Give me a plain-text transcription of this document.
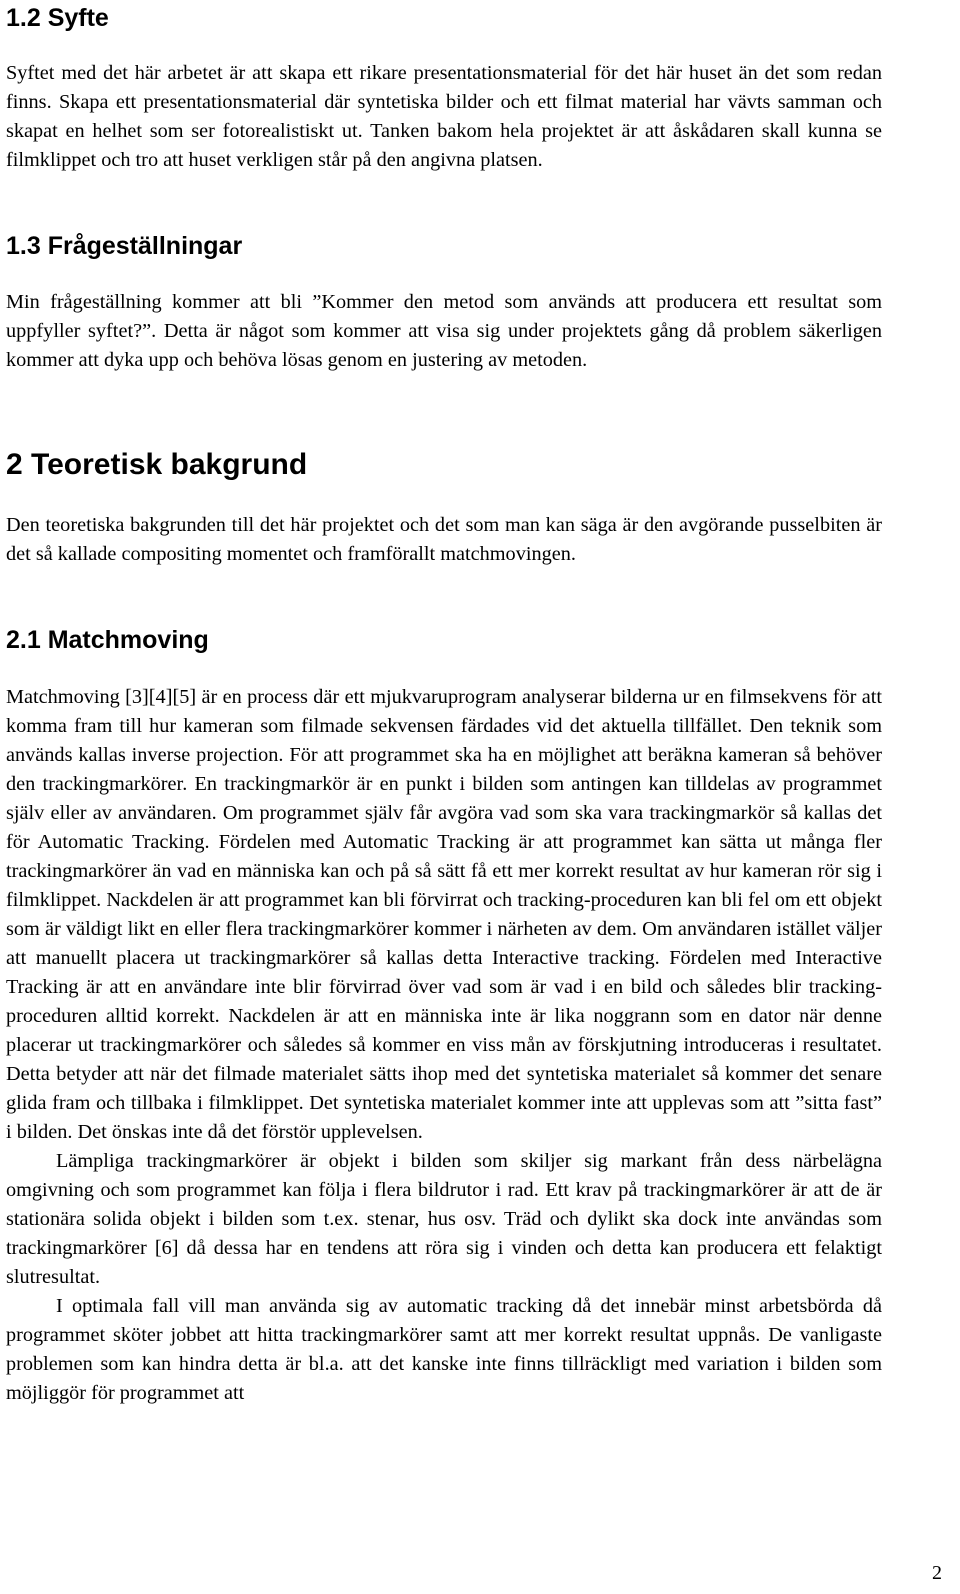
1.2 Syfte

Syftet med det här arbetet är att skapa ett rikare presentationsmaterial för det här huset än det som redan finns. Skapa ett presentationsmaterial där syntetiska bilder och ett filmat material har vävts samman och skapat en helhet som ser fotorealistiskt ut. Tanken bakom hela projektet är att åskådaren skall kunna se filmklippet och tro att huset verkligen står på den angivna platsen.

1.3 Frågeställningar

Min frågeställning kommer att bli ”Kommer den metod som används att producera ett resultat som uppfyller syftet?”. Detta är något som kommer att visa sig under projektets gång då problem säkerligen kommer att dyka upp och behöva lösas genom en justering av metoden.

2 Teoretisk bakgrund

Den teoretiska bakgrunden till det här projektet och det som man kan säga är den avgörande pusselbiten är det så kallade compositing momentet och framförallt matchmovingen.

2.1 Matchmoving

Matchmoving [3][4][5] är en process där ett mjukvaruprogram analyserar bilderna ur en filmsekvens för att komma fram till hur kameran som filmade sekvensen färdades vid det aktuella tillfället. Den teknik som används kallas inverse projection. För att programmet ska ha en möjlighet att beräkna kameran så behöver den trackingmarkörer. En trackingmarkör är en punkt i bilden som antingen kan tilldelas av programmet själv eller av användaren. Om programmet själv får avgöra vad som ska vara trackingmarkör så kallas det för Automatic Tracking. Fördelen med Automatic Tracking är att programmet kan sätta ut många fler trackingmarkörer än vad en människa kan och på så sätt få ett mer korrekt resultat av hur kameran rör sig i filmklippet. Nackdelen är att programmet kan bli förvirrat och tracking-proceduren kan bli fel om ett objekt som är väldigt likt en eller flera trackingmarkörer kommer i närheten av dem. Om användaren istället väljer att manuellt placera ut trackingmarkörer så kallas detta Interactive tracking. Fördelen med Interactive Tracking är att en användare inte blir förvirrad över vad som är vad i en bild och således blir tracking-proceduren alltid korrekt. Nackdelen är att en människa inte är lika noggrann som en dator när denne placerar ut trackingmarkörer och således så kommer en viss mån av förskjutning introduceras i resultatet. Detta betyder att när det filmade materialet sätts ihop med det syntetiska materialet så kommer det senare glida fram och tillbaka i filmklippet. Det syntetiska materialet kommer inte att upplevas som att ”sitta fast” i bilden. Det önskas inte då det förstör upplevelsen.

Lämpliga trackingmarkörer är objekt i bilden som skiljer sig markant från dess närbelägna omgivning och som programmet kan följa i flera bildrutor i rad. Ett krav på trackingmarkörer är att de är stationära solida objekt i bilden som t.ex. stenar, hus osv. Träd och dylikt ska dock inte användas som trackingmarkörer [6] då dessa har en tendens att röra sig i vinden och detta kan producera ett felaktigt slutresultat.

I optimala fall vill man använda sig av automatic tracking då det innebär minst arbetsbörda då programmet sköter jobbet att hitta trackingmarkörer samt att mer korrekt resultat uppnås. De vanligaste problemen som kan hindra detta är bl.a. att det kanske inte finns tillräckligt med variation i bilden som möjliggör för programmet att

2
